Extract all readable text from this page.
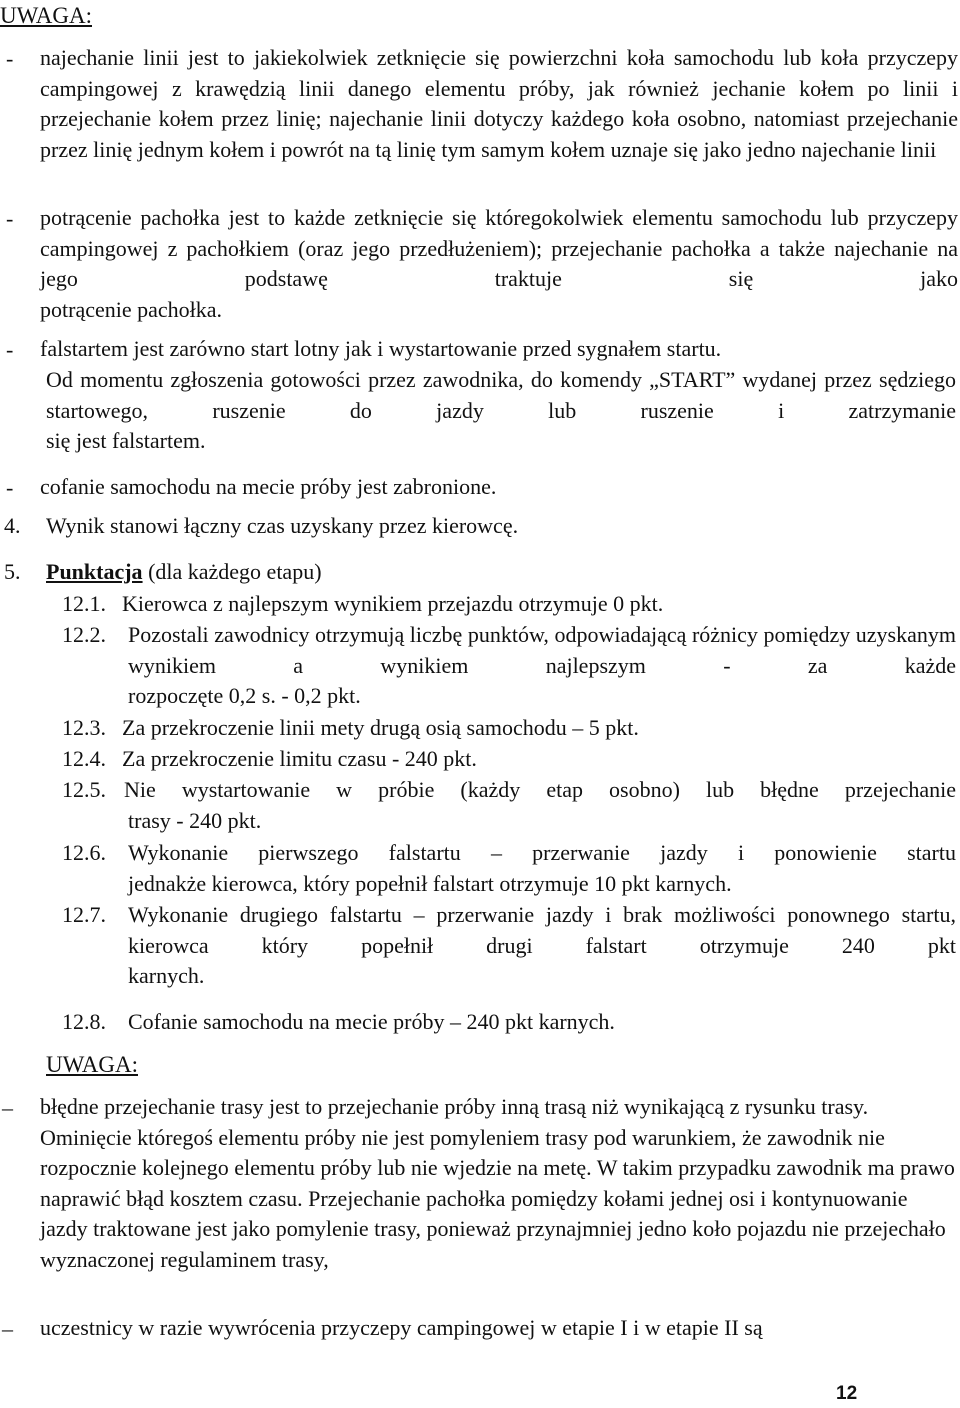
UWAGA:
- najechanie linii jest to jakiekolwiek zetknięcie się powierzchni koła samochodu lub koła przyczepy campingowej z krawędzią linii danego elementu próby, jak również jechanie kołem po linii i przejechanie kołem przez linię; najechanie linii dotyczy każdego koła osobno, natomiast przejechanie przez linię jednym kołem i powrót na tą linię tym samym kołem uznaje się jako jedno najechanie linii
- potrącenie pachołka jest to każde zetknięcie się któregokolwiek elementu samochodu lub przyczepy campingowej z pachołkiem (oraz jego przedłużeniem); przejechanie pachołka a także najechanie na jego podstawę traktuje się jako
potrącenie pachołka.
- falstartem jest zarówno start lotny jak i wystartowanie przed sygnałem startu.
Od momentu zgłoszenia gotowości przez zawodnika, do komendy „START” wydanej przez sędziego startowego, ruszenie do jazdy lub ruszenie i zatrzymanie
się jest falstartem.
- cofanie samochodu na mecie próby jest zabronione.
4. Wynik stanowi łączny czas uzyskany przez kierowcę.
5. Punktacja (dla każdego etapu)
12.1. Kierowca z najlepszym wynikiem przejazdu otrzymuje 0 pkt.
12.2. Pozostali zawodnicy otrzymują liczbę punktów, odpowiadającą różnicy pomiędzy uzyskanym wynikiem a wynikiem najlepszym - za każde
rozpoczęte 0,2 s. - 0,2 pkt.
12.3. Za przekroczenie linii mety drugą osią samochodu – 5 pkt.
12.4. Za przekroczenie limitu czasu - 240 pkt.
12.5. Nie wystartowanie w próbie (każdy etap osobno) lub błędne przejechanie
trasy - 240 pkt.
12.6. Wykonanie pierwszego falstartu – przerwanie jazdy i ponowienie startu
jednakże kierowca, który popełnił falstart otrzymuje 10 pkt karnych.
12.7. Wykonanie drugiego falstartu – przerwanie jazdy i brak możliwości ponownego startu, kierowca który popełnił drugi falstart otrzymuje 240 pkt
karnych.
12.8. Cofanie samochodu na mecie próby – 240 pkt karnych.
UWAGA:
– błędne przejechanie trasy jest to przejechanie próby inną trasą niż wynikającą z rysunku trasy. Ominięcie któregoś elementu próby nie jest pomyleniem trasy pod warunkiem, że zawodnik nie rozpocznie kolejnego elementu próby lub nie wjedzie na metę. W takim przypadku zawodnik ma prawo naprawić błąd kosztem czasu. Przejechanie pachołka pomiędzy kołami jednej osi i kontynuowanie jazdy traktowane jest jako pomylenie trasy, ponieważ przynajmniej jedno koło pojazdu nie przejechało wyznaczonej regulaminem trasy,
– uczestnicy w razie wywrócenia przyczepy campingowej w etapie I i w etapie II są
12
